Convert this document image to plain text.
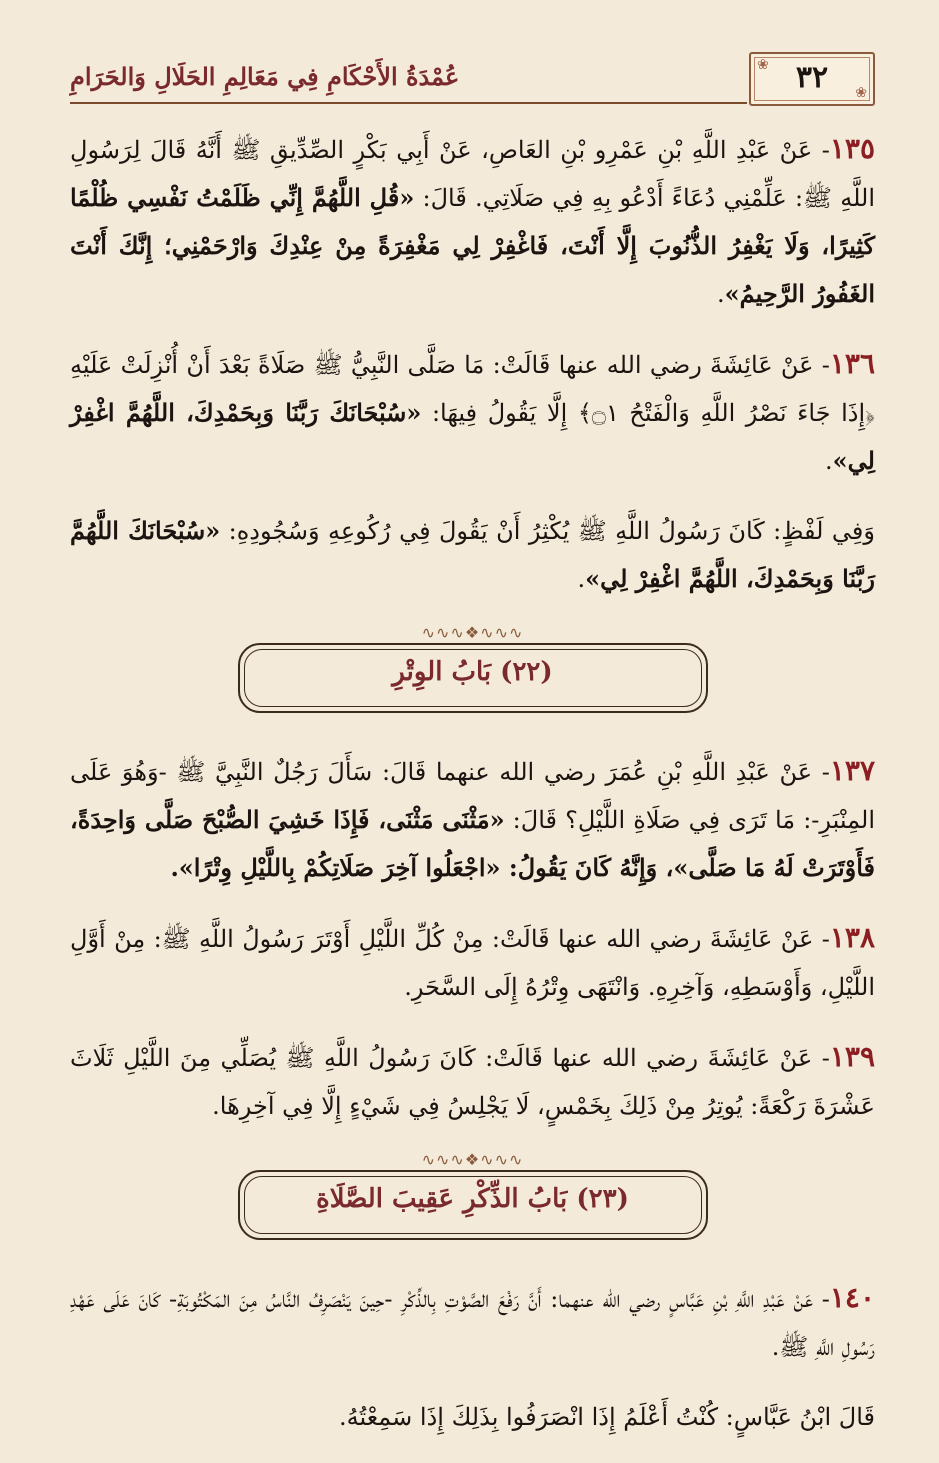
❀
❀
٣٢
عُمْدَةُ الأَحْكَامِ فِي مَعَالِمِ الحَلَالِ وَالحَرَامِ

١٣٥- عَنْ عَبْدِ اللَّهِ بْنِ عَمْرِو بْنِ العَاصِ، عَنْ أَبِي بَكْرٍ الصِّدِّيقِ ﷺ أَنَّهُ قَالَ لِرَسُولِ اللَّهِ ﷺ: عَلِّمْنِي دُعَاءً أَدْعُو بِهِ فِي صَلَاتِي. قَالَ: «قُلِ اللَّهُمَّ إِنِّي ظَلَمْتُ نَفْسِي ظُلْمًا كَثِيرًا، وَلَا يَغْفِرُ الذُّنُوبَ إِلَّا أَنْتَ، فَاغْفِرْ لِي مَغْفِرَةً مِنْ عِنْدِكَ وَارْحَمْنِي؛ إِنَّكَ أَنْتَ الغَفُورُ الرَّحِيمُ».

١٣٦- عَنْ عَائِشَةَ رضي الله عنها قَالَتْ: مَا صَلَّى النَّبِيُّ ﷺ صَلَاةً بَعْدَ أَنْ أُنْزِلَتْ عَلَيْهِ ﴿إِذَا جَاءَ نَصْرُ اللَّهِ وَالْفَتْحُ ۝١﴾ إِلَّا يَقُولُ فِيهَا: «سُبْحَانَكَ رَبَّنَا وَبِحَمْدِكَ، اللَّهُمَّ اغْفِرْ لِي».

وَفِي لَفْظٍ: كَانَ رَسُولُ اللَّهِ ﷺ يُكْثِرُ أَنْ يَقُولَ فِي رُكُوعِهِ وَسُجُودِهِ: «سُبْحَانَكَ اللَّهُمَّ رَبَّنَا وَبِحَمْدِكَ، اللَّهُمَّ اغْفِرْ لِي».

∿∿∿❖∿∿∿
(٢٢) بَابُ الوِتْرِ

١٣٧- عَنْ عَبْدِ اللَّهِ بْنِ عُمَرَ رضي الله عنهما قَالَ: سَأَلَ رَجُلٌ النَّبِيَّ ﷺ -وَهُوَ عَلَى المِنْبَرِ-: مَا تَرَى فِي صَلَاةِ اللَّيْلِ؟ قَالَ: «مَثْنَى مَثْنَى، فَإِذَا خَشِيَ الصُّبْحَ صَلَّى وَاحِدَةً، فَأَوْتَرَتْ لَهُ مَا صَلَّى»، وَإِنَّهُ كَانَ يَقُولُ: «اجْعَلُوا آخِرَ صَلَاتِكُمْ بِاللَّيْلِ وِتْرًا».

١٣٨- عَنْ عَائِشَةَ رضي الله عنها قَالَتْ: مِنْ كُلِّ اللَّيْلِ أَوْتَرَ رَسُولُ اللَّهِ ﷺ: مِنْ أَوَّلِ اللَّيْلِ، وَأَوْسَطِهِ، وَآخِرِهِ. وَانْتَهَى وِتْرُهُ إِلَى السَّحَرِ.

١٣٩- عَنْ عَائِشَةَ رضي الله عنها قَالَتْ: كَانَ رَسُولُ اللَّهِ ﷺ يُصَلِّي مِنَ اللَّيْلِ ثَلَاثَ عَشْرَةَ رَكْعَةً: يُوتِرُ مِنْ ذَلِكَ بِخَمْسٍ، لَا يَجْلِسُ فِي شَيْءٍ إِلَّا فِي آخِرِهَا.

∿∿∿❖∿∿∿
(٢٣) بَابُ الذِّكْرِ عَقِيبَ الصَّلَاةِ

١٤٠- عَنْ عَبْدِ اللَّهِ بْنِ عَبَّاسٍ رضي الله عنهما: أَنَّ رَفْعَ الصَّوْتِ بِالذِّكْرِ -حِينَ يَنْصَرِفُ النَّاسُ مِنَ المَكْتُوبَةِ- كَانَ عَلَى عَهْدِ رَسُولِ اللَّهِ ﷺ.

قَالَ ابْنُ عَبَّاسٍ: كُنْتُ أَعْلَمُ إِذَا انْصَرَفُوا بِذَلِكَ إِذَا سَمِعْتُهُ.
